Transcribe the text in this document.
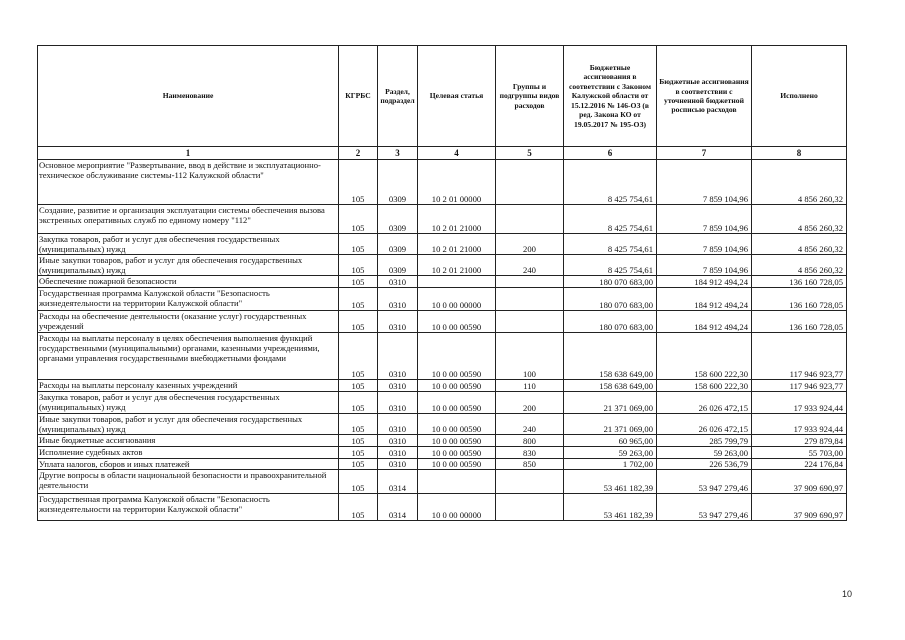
Наименование	КГРБС	Раздел, подраздел	Целевая статья	Группы и подгруппы видов расходов	Бюджетные ассигнования в соответствии с Законом Калужской области от 15.12.2016 № 146-ОЗ (в ред. Закона КО от 19.05.2017 № 195-ОЗ)	Бюджетные ассигнования в соответствии с уточненной бюджетной росписью расходов	Исполнено
1	2	3	4	5	6	7	8
Основное мероприятие "Развертывание, ввод в действие и эксплуатационно-техническое обслуживание системы-112 Калужской области"	105	0309	10 2 01 00000		8 425 754,61	7 859 104,96	4 856 260,32
Создание, развитие и организация эксплуатации системы обеспечения вызова экстренных оперативных служб по единому номеру "112"	105	0309	10 2 01 21000		8 425 754,61	7 859 104,96	4 856 260,32
Закупка товаров, работ и услуг для обеспечения государственных (муниципальных) нужд	105	0309	10 2 01 21000	200	8 425 754,61	7 859 104,96	4 856 260,32
Иные закупки товаров, работ и услуг для обеспечения государственных (муниципальных) нужд	105	0309	10 2 01 21000	240	8 425 754,61	7 859 104,96	4 856 260,32
Обеспечение пожарной безопасности	105	0310			180 070 683,00	184 912 494,24	136 160 728,05
Государственная программа Калужской области "Безопасность жизнедеятельности на территории Калужской области"	105	0310	10 0 00 00000		180 070 683,00	184 912 494,24	136 160 728,05
Расходы на обеспечение деятельности (оказание услуг) государственных учреждений	105	0310	10 0 00 00590		180 070 683,00	184 912 494,24	136 160 728,05
Расходы на выплаты персоналу в целях обеспечения выполнения функций государственными (муниципальными) органами, казенными учреждениями, органами управления государственными внебюджетными фондами	105	0310	10 0 00 00590	100	158 638 649,00	158 600 222,30	117 946 923,77
Расходы на выплаты персоналу казенных учреждений	105	0310	10 0 00 00590	110	158 638 649,00	158 600 222,30	117 946 923,77
Закупка товаров, работ и услуг для обеспечения государственных (муниципальных) нужд	105	0310	10 0 00 00590	200	21 371 069,00	26 026 472,15	17 933 924,44
Иные закупки товаров, работ и услуг для обеспечения государственных (муниципальных) нужд	105	0310	10 0 00 00590	240	21 371 069,00	26 026 472,15	17 933 924,44
Иные бюджетные ассигнования	105	0310	10 0 00 00590	800	60 965,00	285 799,79	279 879,84
Исполнение судебных актов	105	0310	10 0 00 00590	830	59 263,00	59 263,00	55 703,00
Уплата налогов, сборов и иных платежей	105	0310	10 0 00 00590	850	1 702,00	226 536,79	224 176,84
Другие вопросы в области национальной безопасности и правоохранительной деятельности	105	0314			53 461 182,39	53 947 279,46	37 909 690,97
Государственная программа Калужской области "Безопасность жизнедеятельности на территории Калужской области"	105	0314	10 0 00 00000		53 461 182,39	53 947 279,46	37 909 690,97
10
